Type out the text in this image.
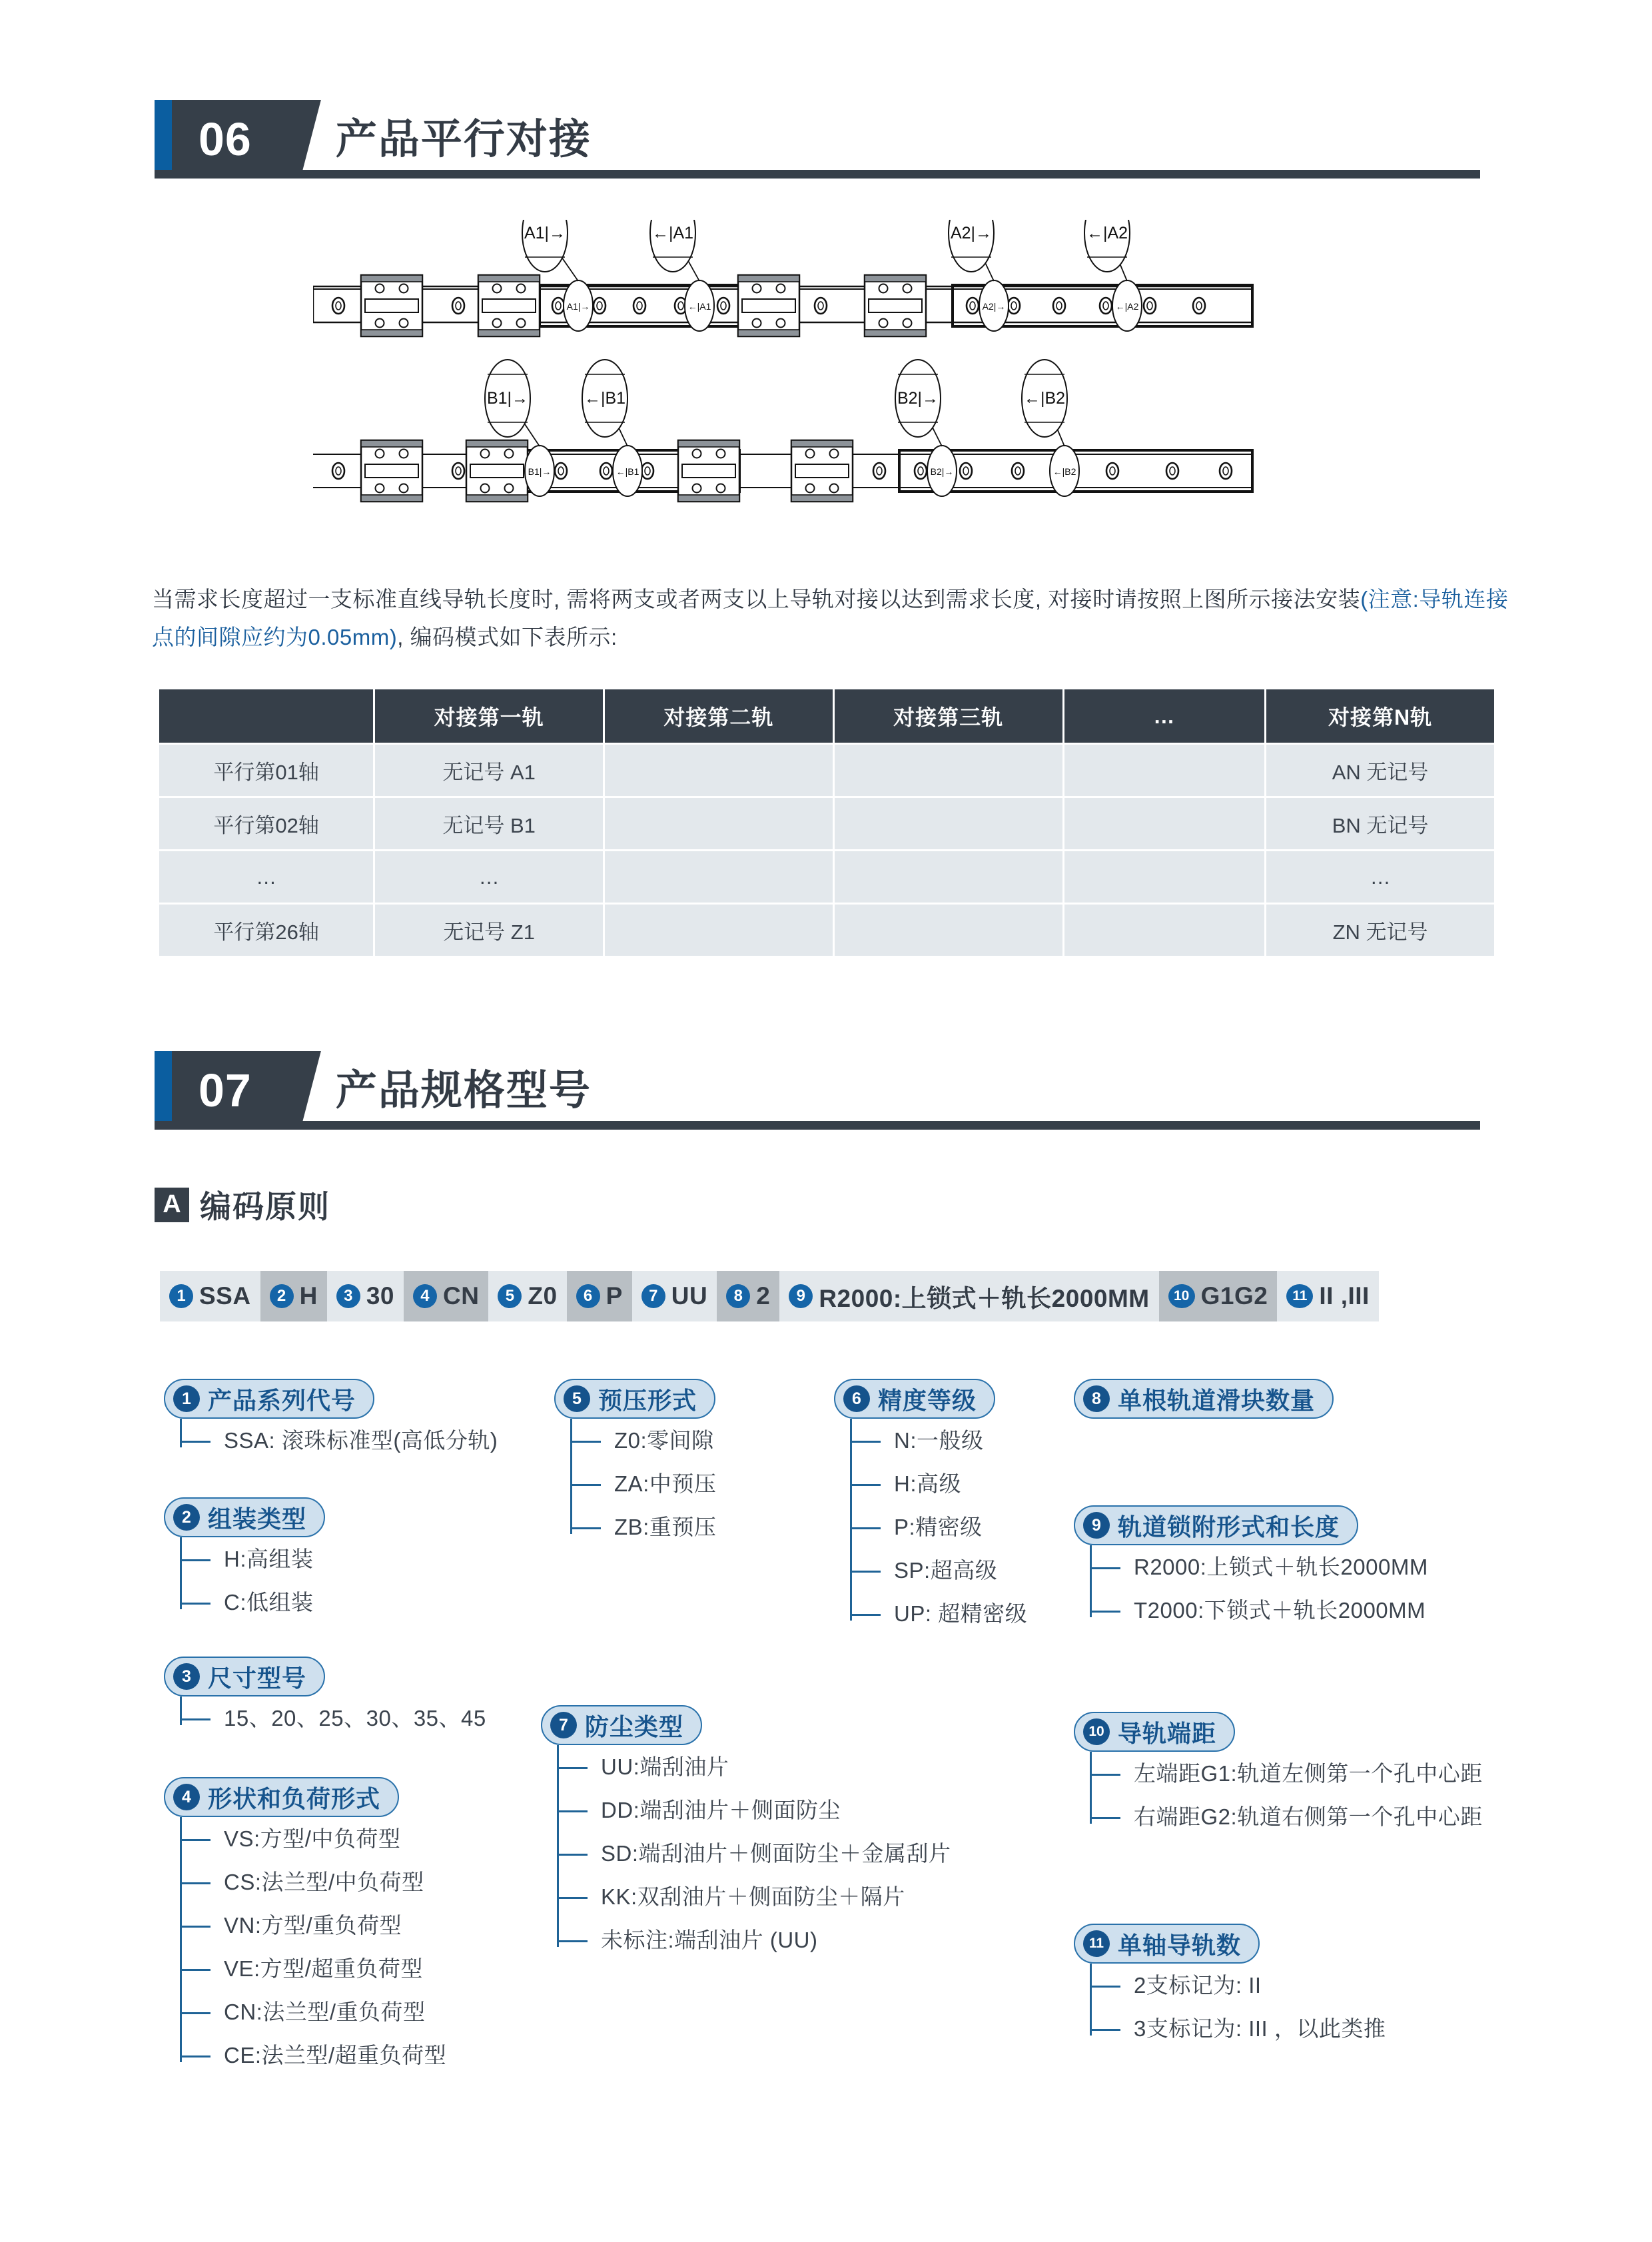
06	产品平行对接
A1|→	←|A1	A2|→	←|A2
A1|→	←|A1	A2|→	←|A2
B1|→	←|B1	B2|→	←|B2
B1|→	←|B1	B2|→	←|B2
当需求长度超过一支标准直线导轨长度时, 需将两支或者两支以上导轨对接以达到需求长度, 对接时请按照上图所示接法安装(注意:导轨连接点的间隙应约为0.05mm), 编码模式如下表所示:
	对接第一轨	对接第二轨	对接第三轨	…	对接第N轨
平行第01轴	无记号 A1				AN 无记号
平行第02轴	无记号 B1				BN 无记号
…	…				…
平行第26轴	无记号 Z1				ZN 无记号
07	产品规格型号
A 编码原则
1 SSA	2 H	3 30	4 CN	5 Z0	6 P	7 UU	8 2	9 R2000:上锁式＋轨长2000MM	10 G1G2	11 II ,III
1 产品系列代号
SSA: 滚珠标准型(高低分轨)
2 组装类型
H:高组装
C:低组装
3 尺寸型号
15、20、25、30、35、45
4 形状和负荷形式
VS:方型/中负荷型
CS:法兰型/中负荷型
VN:方型/重负荷型
VE:方型/超重负荷型
CN:法兰型/重负荷型
CE:法兰型/超重负荷型
5 预压形式
Z0:零间隙
ZA:中预压
ZB:重预压
7 防尘类型
UU:端刮油片
DD:端刮油片＋侧面防尘
SD:端刮油片＋侧面防尘＋金属刮片
KK:双刮油片＋侧面防尘＋隔片
未标注:端刮油片 (UU)
6 精度等级
N:一般级
H:高级
P:精密级
SP:超高级
UP: 超精密级
8 单根轨道滑块数量
9 轨道锁附形式和长度
R2000:上锁式＋轨长2000MM
T2000:下锁式＋轨长2000MM
10 导轨端距
左端距G1:轨道左侧第一个孔中心距
右端距G2:轨道右侧第一个孔中心距
11 单轴导轨数
2支标记为: II
3支标记为: III ，以此类推
